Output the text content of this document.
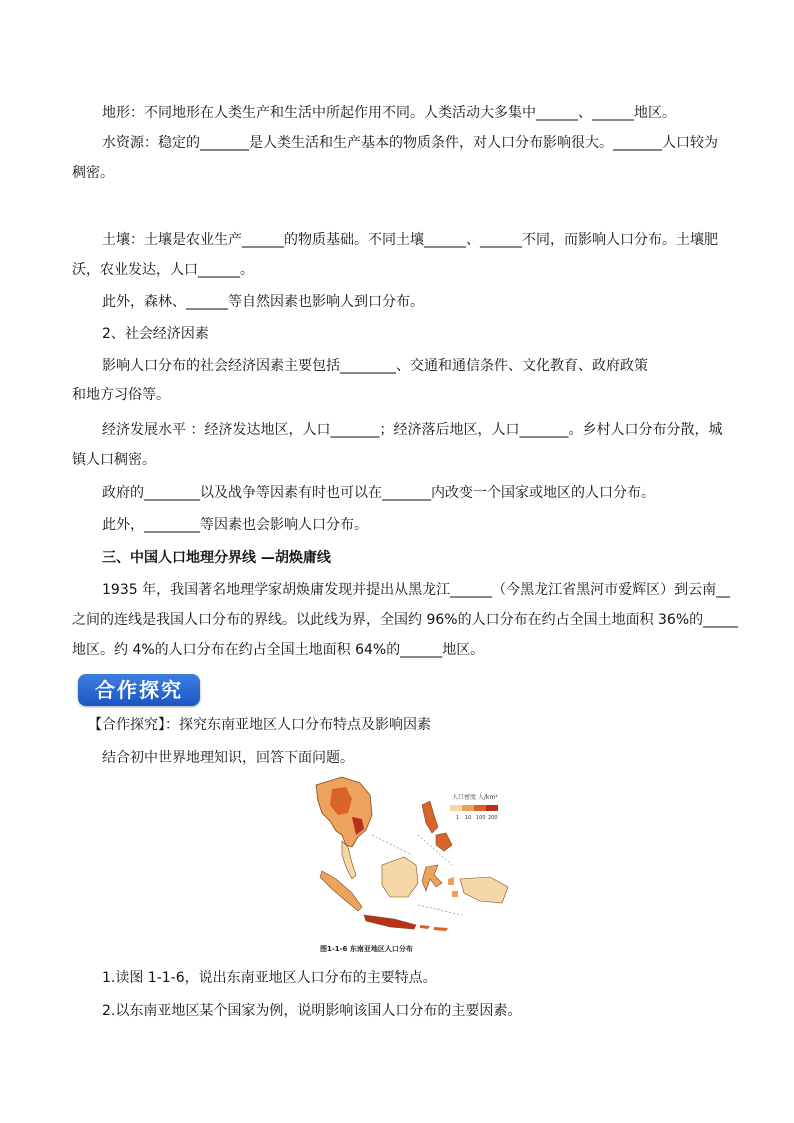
地形：不同地形在人类生产和生活中所起作用不同。人类活动大多集中______、______地区。
水资源：稳定的_______是人类生活和生产基本的物质条件，对人口分布影响很大。_______人口较为
稠密。
土壤：土壤是农业生产______的物质基础。不同土壤______、______不同，而影响人口分布。土壤肥
沃，农业发达，人口______。
此外，森林、______等自然因素也影响人到口分布。
2、社会经济因素
影响人口分布的社会经济因素主要包括________、交通和通信条件、文化教育、政府政策
和地方习俗等。
经济发展水平 ：经济发达地区，人口_______；经济落后地区，人口_______。乡村人口分布分散，城
镇人口稠密。
政府的________以及战争等因素有时也可以在_______内改变一个国家或地区的人口分布。
此外，________等因素也会影响人口分布。
三、中国人口地理分界线 —胡焕庸线
1935 年，我国著名地理学家胡焕庸发现并提出从黑龙江______（今黑龙江省黑河市爱辉区）到云南__
之间的连线是我国人口分布的界线。以此线为界，全国约 96%的人口分布在约占全国土地面积 36%的_____
地区。约 4%的人口分布在约占全国土地面积 64%的______地区。
合作探究
【合作探究】：探究东南亚地区人口分布特点及影响因素
结合初中世界地理知识，回答下面问题。
人口密度 人/km²
1 10 100 200
图1-1-6 东南亚地区人口分布
1.读图 1-1-6，说出东南亚地区人口分布的主要特点。
2.以东南亚地区某个国家为例，说明影响该国人口分布的主要因素。
